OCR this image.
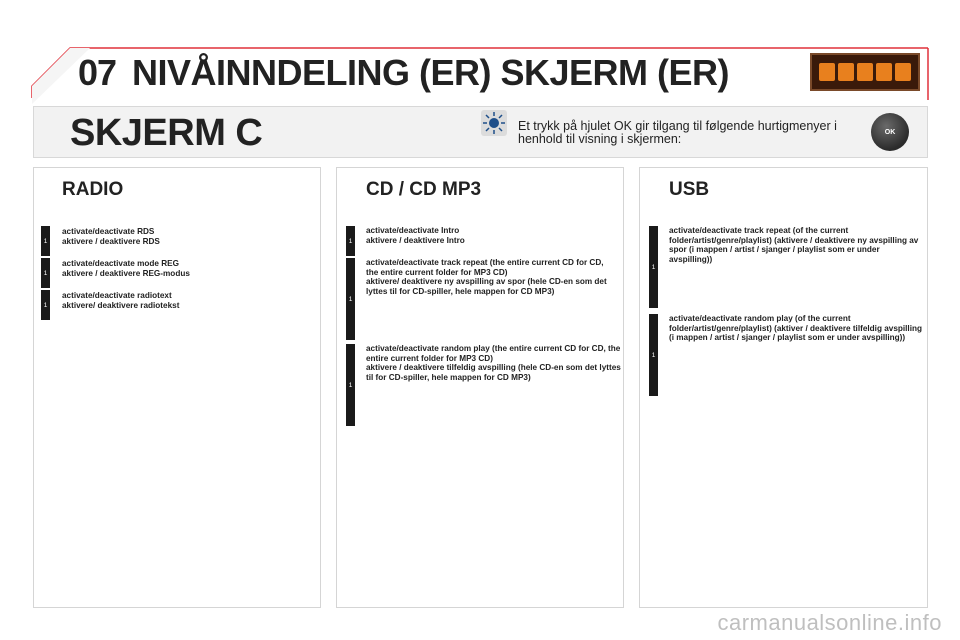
07 NIVÅINNDELING (ER) SKJERM (ER)
SKJERM C	Et trykk på hjulet OK gir tilgang til følgende hurtigmenyer i henhold til visning i skjermen:	OK
RADIO
1
activate/deactivate RDS
aktivere / deaktivere RDS
1
activate/deactivate mode REG
aktivere / deaktivere REG-modus
1
activate/deactivate radiotext
aktivere/ deaktivere radiotekst
CD / CD MP3
1
activate/deactivate Intro
aktivere / deaktivere Intro
1
activate/deactivate track repeat (the entire current CD for CD, the entire current folder for MP3 CD)
aktivere/ deaktivere ny avspilling av spor (hele CD-en som det lyttes til for CD-spiller, hele mappen for CD MP3)
1
activate/deactivate random play (the entire current CD for CD, the entire current folder for MP3 CD)
aktivere / deaktivere tilfeldig avspilling (hele CD-en som det lyttes til for CD-spiller, hele mappen for CD MP3)
USB
1
activate/deactivate track repeat (of the current folder/artist/genre/playlist) (aktivere / deaktivere ny avspilling av spor (i mappen / artist / sjanger / playlist som er under avspilling))
1
activate/deactivate random play (of the current folder/artist/genre/playlist) (aktiver / deaktivere tilfeldig avspilling (i mappen / artist / sjanger / playlist som er under avspilling))
carmanualsonline.info
